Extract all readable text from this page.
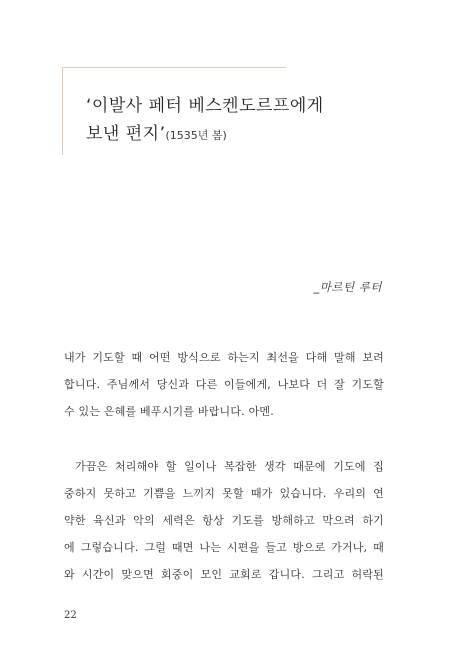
‘이발사 페터 베스켄도르프에게
보낸 편지’(1535년 봄)
_마르틴 루터
내가 기도할 때 어떤 방식으로 하는지 최선을 다해 말해 보려
합니다. 주님께서 당신과 다른 이들에게, 나보다 더 잘 기도할
수 있는 은혜를 베푸시기를 바랍니다. 아멘.
가끔은 처리해야 할 일이나 복잡한 생각 때문에 기도에 집
중하지 못하고 기쁨을 느끼지 못할 때가 있습니다. 우리의 연
약한 육신과 악의 세력은 항상 기도를 방해하고 막으려 하기
에 그렇습니다. 그럴 때면 나는 시편을 들고 방으로 가거나, 때
와 시간이 맞으면 회중이 모인 교회로 갑니다. 그리고 허락된
22
